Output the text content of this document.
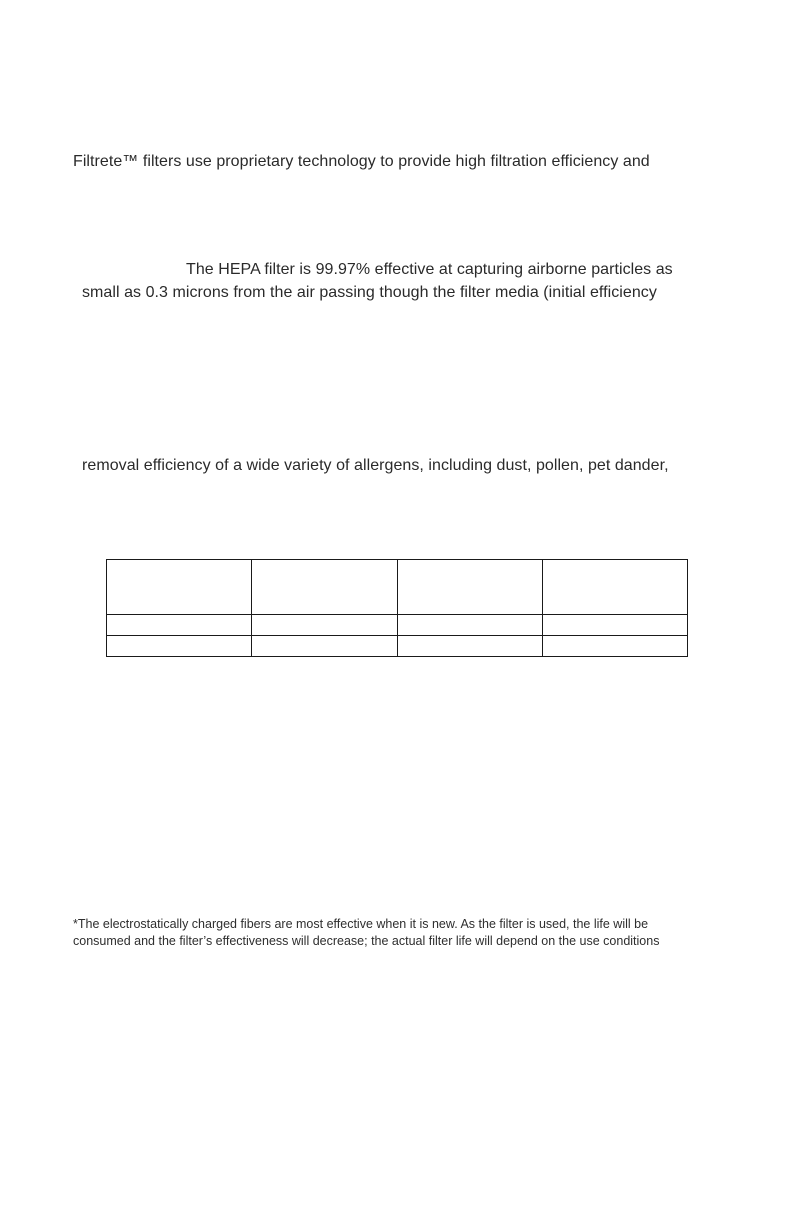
Filtrete™ filters use proprietary technology to provide high filtration efficiency and
The HEPA filter is 99.97% effective at capturing airborne particles as
small as 0.3 microns from the air passing though the filter media (initial efficiency
removal efficiency of a wide variety of allergens, including dust, pollen, pet dander,

*The electrostatically charged fibers are most effective when it is new. As the filter is used, the life will be
consumed and the filter’s effectiveness will decrease; the actual filter life will depend on the use conditions
